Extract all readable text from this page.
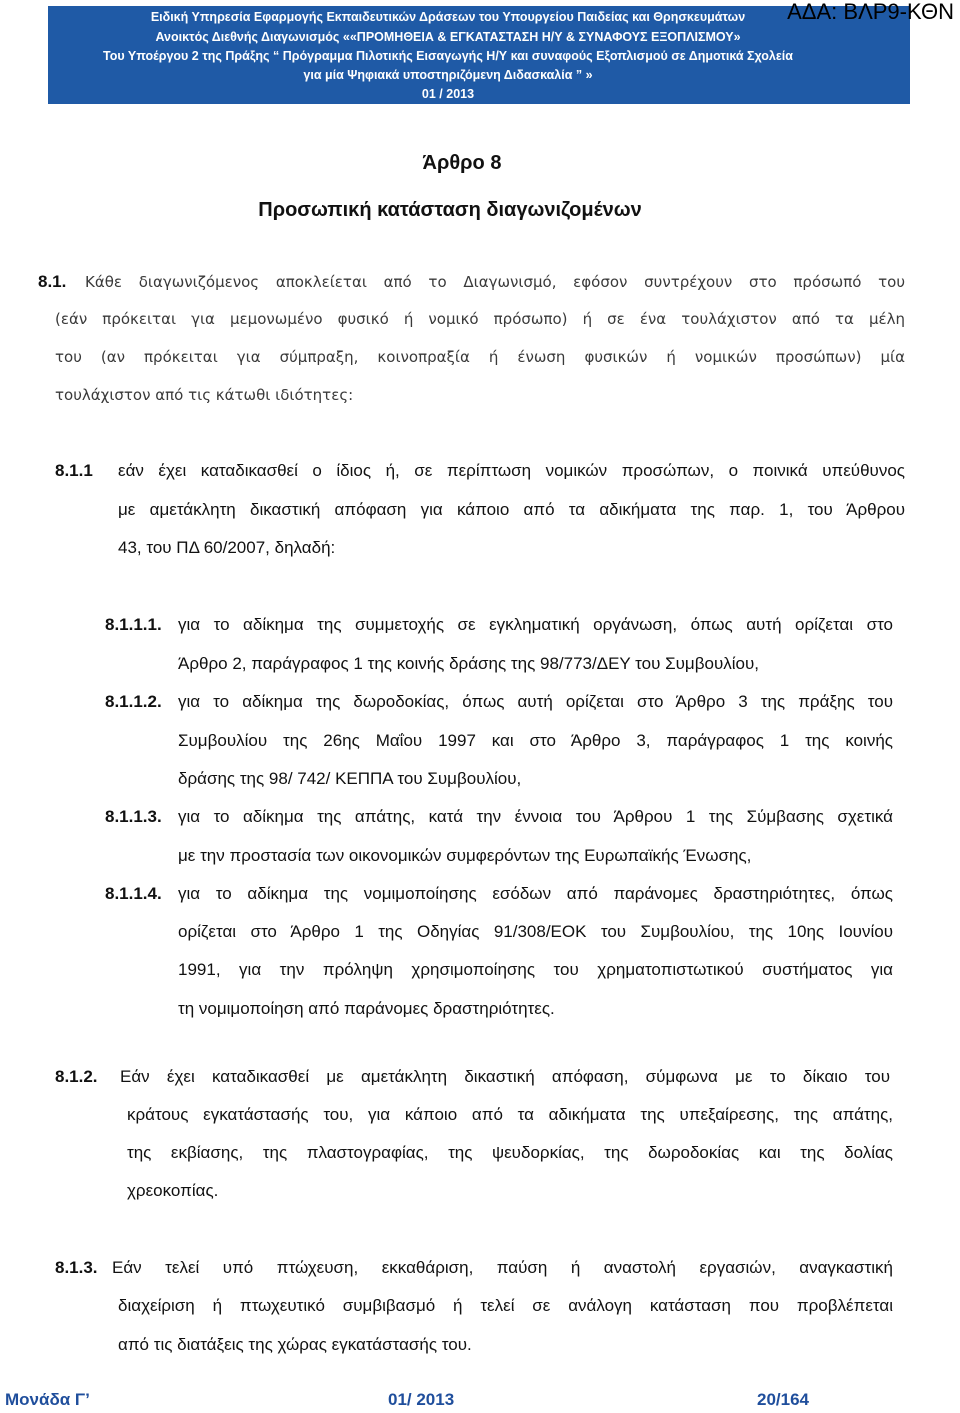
Ειδική Υπηρεσία Εφαρμογής Εκπαιδευτικών Δράσεων του Υπουργείου Παιδείας και Θρησκευμάτων
Ανοικτός Διεθνής Διαγωνισμός ««ΠΡΟΜΗΘΕΙΑ & ΕΓΚΑΤΑΣΤΑΣΗ Η/Υ & ΣΥΝΑΦΟΥΣ ΕΞΟΠΛΙΣΜΟΥ»
Του Υποέργου 2 της Πράξης “ Πρόγραμμα Πιλοτικής Εισαγωγής Η/Υ και συναφούς Εξοπλισμού σε Δημοτικά Σχολεία
για μία Ψηφιακά υποστηριζόμενη Διδασκαλία ” »
01 / 2013
ΑΔΑ: ΒΛΡ9-ΚΘΝ
Άρθρο 8
Προσωπική κατάσταση διαγωνιζομένων
8.1. Κάθε διαγωνιζόμενος αποκλείεται από το Διαγωνισμό, εφόσον συντρέχουν στο πρόσωπό του
(εάν πρόκειται για μεμονωμένο φυσικό ή νομικό πρόσωπο) ή σε ένα τουλάχιστον από τα μέλη
του (αν πρόκειται για σύμπραξη, κοινοπραξία ή ένωση φυσικών ή νομικών προσώπων) μία
τουλάχιστον από τις κάτωθι ιδιότητες:
8.1.1 εάν έχει καταδικασθεί ο ίδιος ή, σε περίπτωση νομικών προσώπων, ο ποινικά υπεύθυνος
με αμετάκλητη δικαστική απόφαση για κάποιο από τα αδικήματα της παρ. 1, του Άρθρου
43, του ΠΔ 60/2007, δηλαδή:
8.1.1.1. για το αδίκημα της συμμετοχής σε εγκληματική οργάνωση, όπως αυτή ορίζεται στο
Άρθρο 2, παράγραφος 1 της κοινής δράσης της 98/773/ΔΕΥ του Συμβουλίου,
8.1.1.2. για το αδίκημα της δωροδοκίας, όπως αυτή ορίζεται στο Άρθρο 3 της πράξης του
Συμβουλίου της 26ης Μαΐου 1997 και στο Άρθρο 3, παράγραφος 1 της κοινής
δράσης της 98/ 742/ ΚΕΠΠΑ του Συμβουλίου,
8.1.1.3. για το αδίκημα της απάτης, κατά την έννοια του Άρθρου 1 της Σύμβασης σχετικά
με την προστασία των οικονομικών συμφερόντων της Ευρωπαϊκής Ένωσης,
8.1.1.4. για το αδίκημα της νομιμοποίησης εσόδων από παράνομες δραστηριότητες, όπως
ορίζεται στο Άρθρο 1 της Οδηγίας 91/308/ΕΟΚ του Συμβουλίου, της 10ης Ιουνίου
1991, για την πρόληψη χρησιμοποίησης του χρηματοπιστωτικού συστήματος για
τη νομιμοποίηση από παράνομες δραστηριότητες.
8.1.2. Εάν έχει καταδικασθεί με αμετάκλητη δικαστική απόφαση, σύμφωνα με το δίκαιο του
κράτους εγκατάστασής του, για κάποιο από τα αδικήματα της υπεξαίρεσης, της απάτης,
της εκβίασης, της πλαστογραφίας, της ψευδορκίας, της δωροδοκίας και της δολίας
χρεοκοπίας.
8.1.3. Εάν τελεί υπό πτώχευση, εκκαθάριση, παύση ή αναστολή εργασιών, αναγκαστική
διαχείριση ή πτωχευτικό συμβιβασμό ή τελεί σε ανάλογη κατάσταση που προβλέπεται
από τις διατάξεις της χώρας εγκατάστασής του.
Μονάδα Γ’	01/ 2013	20/164
